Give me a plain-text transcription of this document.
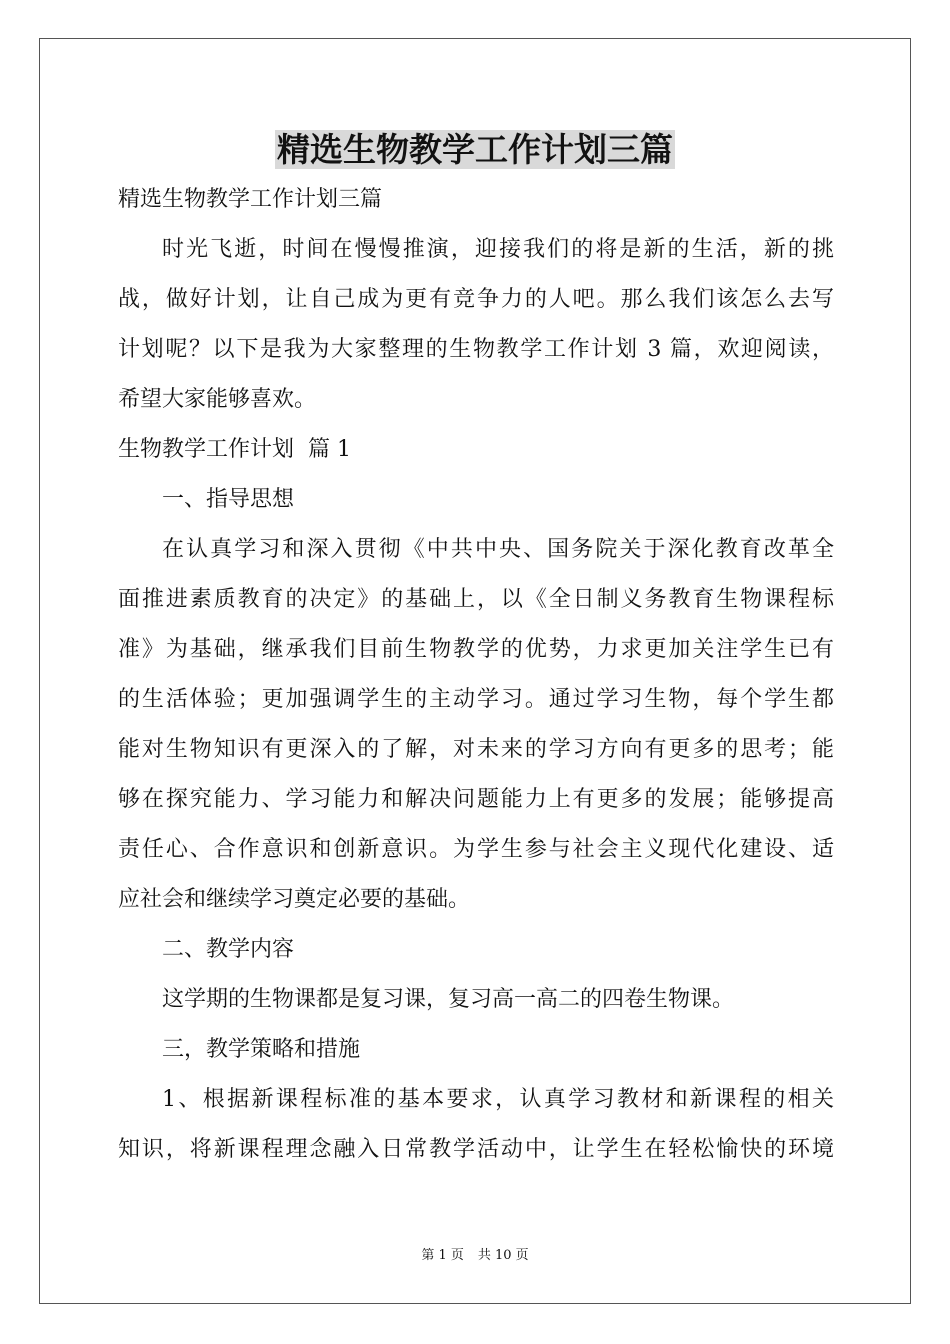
精选生物教学工作计划三篇

精选生物教学工作计划三篇

时光飞逝，时间在慢慢推演，迎接我们的将是新的生活，新的挑

战，做好计划，让自己成为更有竞争力的人吧。那么我们该怎么去写

计划呢？以下是我为大家整理的生物教学工作计划 3 篇，欢迎阅读，

希望大家能够喜欢。

生物教学工作计划  篇 1

一、指导思想

在认真学习和深入贯彻《中共中央、国务院关于深化教育改革全

面推进素质教育的决定》的基础上，以《全日制义务教育生物课程标

准》为基础，继承我们目前生物教学的优势，力求更加关注学生已有

的生活体验；更加强调学生的主动学习。通过学习生物，每个学生都

能对生物知识有更深入的了解，对未来的学习方向有更多的思考；能

够在探究能力、学习能力和解决问题能力上有更多的发展；能够提高

责任心、合作意识和创新意识。为学生参与社会主义现代化建设、适

应社会和继续学习奠定必要的基础。

二、教学内容

这学期的生物课都是复习课，复习高一高二的四卷生物课。

三，教学策略和措施

1、根据新课程标准的基本要求，认真学习教材和新课程的相关

知识，将新课程理念融入日常教学活动中，让学生在轻松愉快的环境

第 1 页 共 10 页
